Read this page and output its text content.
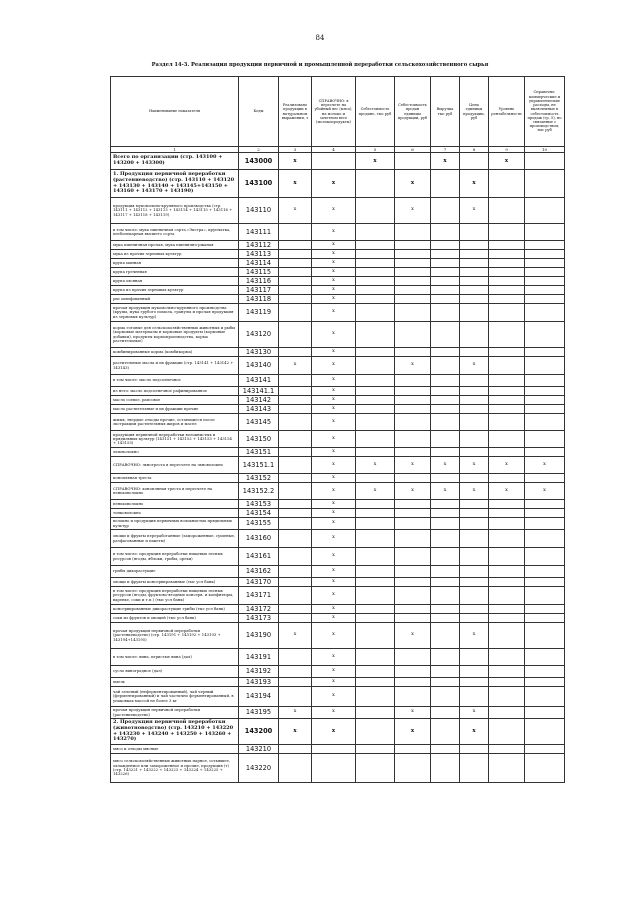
84
Раздел 14-3. Реализация продукции первичной и промышленной переработки сельскохозяйственного сырья
Наименование показателя	Коды	Реализовано продукции в натуральном выражении, т	СПРАВОЧНО: в пересчете на убойный вес (мясо), на молоко и зачетном весе (молокопродукты)	Себестоимость продано, тыс руб	Себестоимость продан единицы продукции, руб	Выручка тыс руб	Цена единицы продукции, руб	Уровень рентабельности	Справочно: коммерческие и управленческие расходы, не включенные в себестоимость продаж (гр. 5), но связанные с производством, тыс руб	
1	2	3	4	5	6	7	8	9	10	
Всего по организации (стр. 143100 + 143200 + 143300)	143000	x		x		x		x		
1. Продукция первичной переработки (растениеводство) (стр. 143110 + 143120 + 143130 + 143140 + 143145+143150 + 143160 + 143170 + 143190)	143100	x	x		x		x			
продукция мукомольно-крупяного производства (стр. 143111 + 143112 + 143113 + 143114 + 143115 + 143116 + 143117 + 143118 + 143119)	143110	x	x		x		x			
в том числе: мука пшеничная сорта «Экстра», крупчатка, хлебопекарная высшего сорта	143111		x							
мука пшеничная прочая, мука пшенично-ржаная	143112		x							
мука из прочих зерновых культур	143113		x							
крупа манная	143114		x							
крупа гречневая	143115		x							
крупа овсяная	143116		x							
крупа из прочих зерновых культур	143117		x							
рис шлифованный	143118		x							
прочая продукция мукомольно-крупяного производства (крупы, мука грубого помола, гранулы и прочая продукция из зерновых культур)	143119		x							
корма готовые для сельскохозяйственных животных и рыбы (кормовые материалы и кормовые продукты (кормовые добавки), продукты кормопроизводства, корма растительные)	143120		x							
комбинированные корма (комбикорма)	143130		x							
растительные масла и их фракции (стр. 143141 + 143142 + 143143)	143140	x	x		x		x			
в том числе: масло подсолнечное	143141		x							
из него: масло подсолнечное рафинированное	143141.1		x							
масло соевое, рапсовое	143142		x							
масло растительные и их фракции прочие	143143		x							
жмых, твердые отходы прочие, остающиеся после экстракции растительных жиров и масел	143145		x							
продукция первичной переработки волокнистых и прядильных культур (143151 + 143152 + 143153 + 143154 + 143155)	143150		x							
льноволокно	143151		x							
СПРАВОЧНО: льнотреста в пересчете на льноволокно	143151.1		x	x	x	x	x	x	x	
конопляная треста	143152		x							
СПРАВОЧНО: конопляная треста в пересчете на пеньковолокно	143152.2		x	x	x	x	x	x	x	
пеньковолокно	143153		x							
тонковолокно	143154		x							
волокно и продукция первичных волокнистых прядильных культур	143155		x							
овощи и фрукты переработанные (замороженные, сушеные, разфасованные и пакеты)	143160		x							
в том числе: продукция переработки пищевых лесных ресурсов (ягоды, яблоки, грибы, орехи)	143161		x							
грибы дикорастущие	143162		x							
овощи и фрукты консервированные (тыс усл банк)	143170		x							
в том числе: продукция переработки пищевых лесных ресурсов (ягоды, фруктово-ягодные консерв. и конфитюры, варенье, соки и т.п.) (тыс усл банк)	143171		x							
консервированные дикорастущие грибы (тыс усл банк)	143172		x							
соки из фруктов и овощей (тыс усл банк)	143173		x							
прочая продукция первичной переработки (растениеводство) (стр. 143191 + 143192 + 143193 + 143194+143195)	143190	x	x		x		x			
в том числе: вина, игристые вина (дал)	143191		x							
сусло виноградное (дал)	143192		x							
хмель	143193		x							
чай зеленый (неферментированный), чай черный (ферментированный) и чай частично ферментированный, в упаковках массой не более 3 кг	143194		x							
прочая продукция первичной переработки (растениеводство)	143195	x	x		x		x			
2. Продукция первичной переработки (животноводство) (стр. 143210 + 143220 + 143230 + 143240 + 143250 + 143260 + 143270)	143200	x	x		x		x			
мясо и отходы мясные	143210									
мясо сельскохозяйственных животных парное, остывшее, охлажденное или замороженное и прочие, продукция (т) (стр. 143221 + 143222 + 143223 + 143224 + 143225 + 143226)	143220									
